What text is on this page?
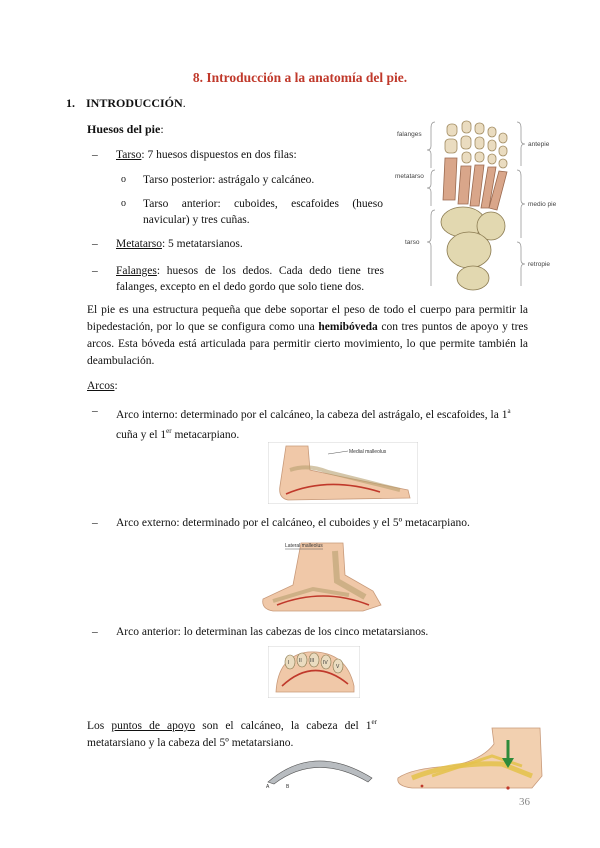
8. Introducción a la anatomía del pie.
1. INTRODUCCIÓN.
Huesos del pie:
– Tarso: 7 huesos dispuestos en dos filas:
o Tarso posterior: astrágalo y calcáneo.
o Tarso anterior: cuboides, escafoides (hueso navicular) y tres cuñas.
– Metatarso: 5 metatarsianos.
– Falanges: huesos de los dedos. Cada dedo tiene tres falanges, excepto en el dedo gordo que solo tiene dos.
falanges
metatarso
tarso
antepie
medio pie
retropie
El pie es una estructura pequeña que debe soportar el peso de todo el cuerpo para permitir la bipedestación, por lo que se configura como una hemibóveda con tres puntos de apoyo y tres arcos. Esta bóveda está articulada para permitir cierto movimiento, lo que permite también la deambulación.
Arcos:
– Arco interno: determinado por el calcáneo, la cabeza del astrágalo, el escafoides, la 1$^a$ cuña y el 1er metacarpiano.
Medial malleolus
– Arco externo: determinado por el calcáneo, el cuboides y el 5º metacarpiano.
Lateral malleolus
– Arco anterior: lo determinan las cabezas de los cinco metatarsianos.
I II III IV
V
Los puntos de apoyo son el calcáneo, la cabeza del 1er metatarsiano y la cabeza del 5º metatarsiano.
A	B
36
